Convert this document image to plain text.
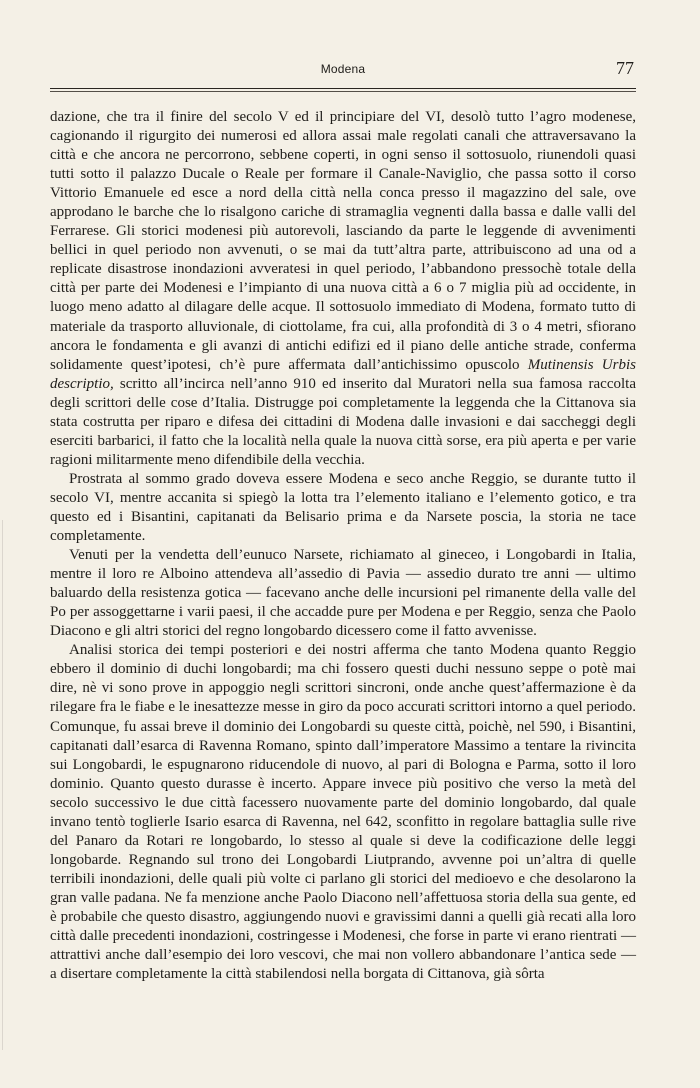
Modena	77

dazione, che tra il finire del secolo V ed il principiare del VI, desolò tutto l’agro modenese, cagionando il rigurgito dei numerosi ed allora assai male regolati canali che attraversavano la città e che ancora ne percorrono, sebbene coperti, in ogni senso il sottosuolo, riunendoli quasi tutti sotto il palazzo Ducale o Reale per formare il Canale-Naviglio, che passa sotto il corso Vittorio Emanuele ed esce a nord della città nella conca presso il magazzino del sale, ove approdano le barche che lo risalgono cariche di stramaglia vegnenti dalla bassa e dalle valli del Ferrarese. Gli storici modenesi più autorevoli, lasciando da parte le leggende di avvenimenti bellici in quel periodo non avvenuti, o se mai da tutt’altra parte, attribuiscono ad una od a replicate disastrose inondazioni avveratesi in quel periodo, l’abbandono pressochè totale della città per parte dei Modenesi e l’impianto di una nuova città a 6 o 7 miglia più ad occidente, in luogo meno adatto al dilagare delle acque. Il sottosuolo immediato di Modena, formato tutto di materiale da trasporto alluvionale, di ciottolame, fra cui, alla profondità di 3 o 4 metri, sfiorano ancora le fondamenta e gli avanzi di antichi edifizi ed il piano delle antiche strade, conferma solidamente quest’ipotesi, ch’è pure affermata dall’antichissimo opuscolo Mutinensis Urbis descriptio, scritto all’incirca nell’anno 910 ed inserito dal Muratori nella sua famosa raccolta degli scrittori delle cose d’Italia. Distrugge poi completamente la leggenda che la Cittanova sia stata costrutta per riparo e difesa dei cittadini di Modena dalle invasioni e dai saccheggi degli eserciti barbarici, il fatto che la località nella quale la nuova città sorse, era più aperta e per varie ragioni militarmente meno difendibile della vecchia.

Prostrata al sommo grado doveva essere Modena e seco anche Reggio, se durante tutto il secolo VI, mentre accanita si spiegò la lotta tra l’elemento italiano e l’elemento gotico, e tra questo ed i Bisantini, capitanati da Belisario prima e da Narsete poscia, la storia ne tace completamente.

Venuti per la vendetta dell’eunuco Narsete, richiamato al gineceo, i Longobardi in Italia, mentre il loro re Alboino attendeva all’assedio di Pavia — assedio durato tre anni — ultimo baluardo della resistenza gotica — facevano anche delle incursioni pel rimanente della valle del Po per assoggettarne i varii paesi, il che accadde pure per Modena e per Reggio, senza che Paolo Diacono e gli altri storici del regno longobardo dicessero come il fatto avvenisse.

Analisi storica dei tempi posteriori e dei nostri afferma che tanto Modena quanto Reggio ebbero il dominio di duchi longobardi; ma chi fossero questi duchi nessuno seppe o potè mai dire, nè vi sono prove in appoggio negli scrittori sincroni, onde anche quest’affermazione è da rilegare fra le fiabe e le inesattezze messe in giro da poco accurati scrittori intorno a quel periodo. Comunque, fu assai breve il dominio dei Longobardi su queste città, poichè, nel 590, i Bisantini, capitanati dall’esarca di Ravenna Romano, spinto dall’imperatore Massimo a tentare la rivincita sui Longobardi, le espugnarono riducendole di nuovo, al pari di Bologna e Parma, sotto il loro dominio. Quanto questo durasse è incerto. Appare invece più positivo che verso la metà del secolo successivo le due città facessero nuovamente parte del dominio longobardo, dal quale invano tentò toglierle Isario esarca di Ravenna, nel 642, sconfitto in regolare battaglia sulle rive del Panaro da Rotari re longobardo, lo stesso al quale si deve la codificazione delle leggi longobarde. Regnando sul trono dei Longobardi Liutprando, avvenne poi un’altra di quelle terribili inondazioni, delle quali più volte ci parlano gli storici del medioevo e che desolarono la gran valle padana. Ne fa menzione anche Paolo Diacono nell’affettuosa storia della sua gente, ed è probabile che questo disastro, aggiungendo nuovi e gravissimi danni a quelli già recati alla loro città dalle precedenti inondazioni, costringesse i Modenesi, che forse in parte vi erano rientrati — attrattivi anche dall’esempio dei loro vescovi, che mai non vollero abbandonare l’antica sede — a disertare completamente la città stabilendosi nella borgata di Cittanova, già sôrta
